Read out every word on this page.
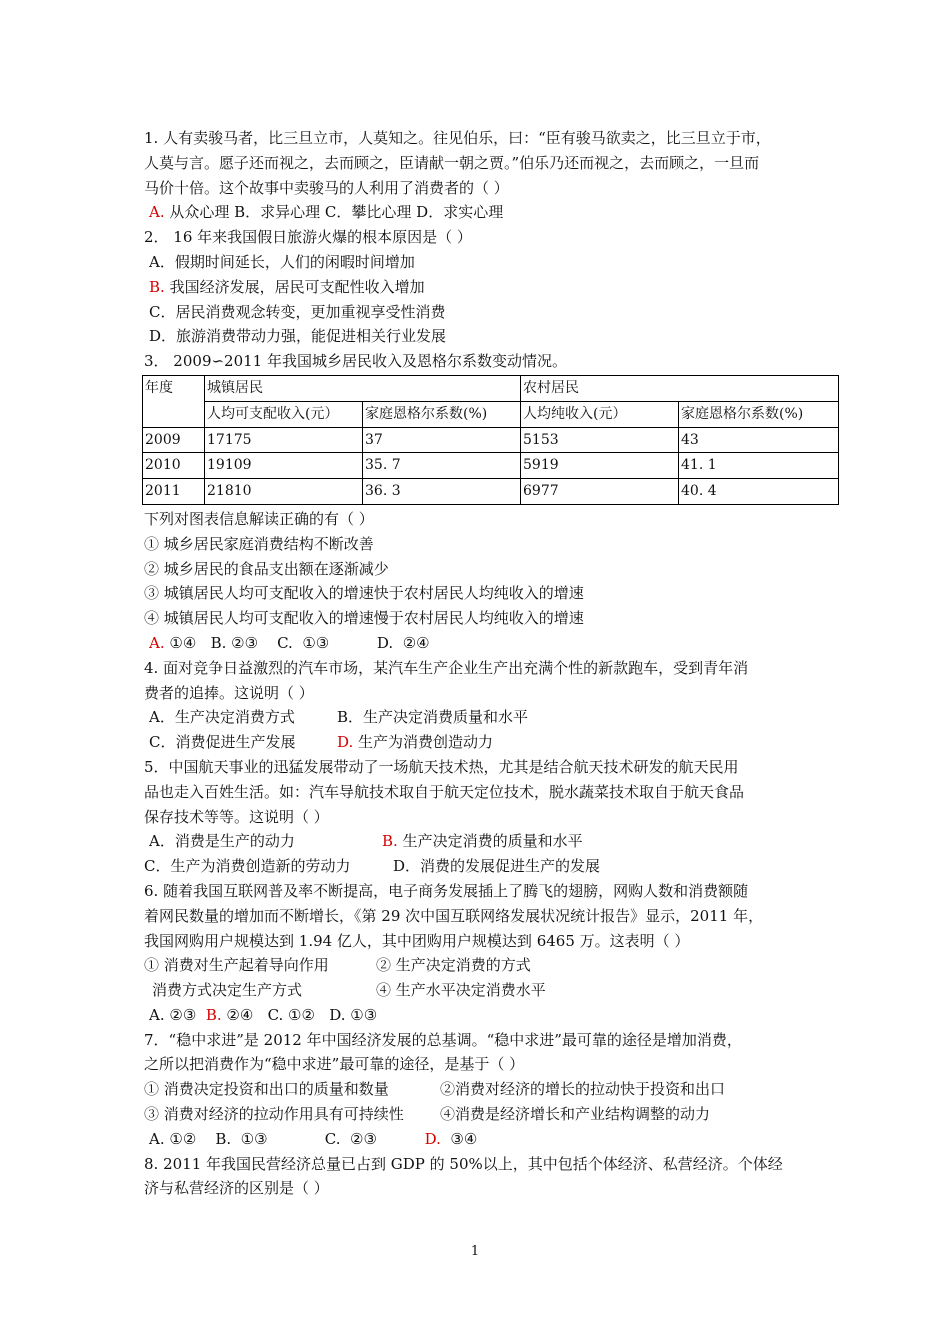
1. 人有卖骏马者，比三旦立市，人莫知之。往见伯乐，曰：“臣有骏马欲卖之，比三旦立于市，
人莫与言。愿子还而视之，去而顾之，臣请献一朝之贾。”伯乐乃还而视之，去而顾之，一旦而
马价十倍。这个故事中卖骏马的人利用了消费者的（ ）
A. 从众心理 B．求异心理 C．攀比心理 D．求实心理
2． 16 年来我国假日旅游火爆的根本原因是（ ）
A．假期时间延长，人们的闲暇时间增加
B. 我国经济发展，居民可支配性收入增加
C．居民消费观念转变，更加重视享受性消费
D．旅游消费带动力强，能促进相关行业发展
3． 2009∽2011 年我国城乡居民收入及恩格尔系数变动情况。
年度	城镇居民		农村居民	
	人均可支配收入(元）	家庭恩格尔系数(%)	人均纯收入(元）	家庭恩格尔系数(%)
2009	17175	37	5153	43
2010	19109	35. 7	5919	41. 1
2011	21810	36. 3	6977	40. 4
下列对图表信息解读正确的有（ ）
① 城乡居民家庭消费结构不断改善
② 城乡居民的食品支出额在逐渐减少
③ 城镇居民人均可支配收入的增速快于农村居民人均纯收入的增速
④ 城镇居民人均可支配收入的增速慢于农村居民人均纯收入的增速
A. ①④   B. ②③    C.  ①③          D.  ②④
4. 面对竞争日益激烈的汽车市场，某汽车生产企业生产出充满个性的新款跑车，受到青年消
费者的追捧。这说明（ ）
A．生产决定消费方式	B．生产决定消费质量和水平
C．消费促进生产发展	D. 生产为消费创造动力
5．中国航天事业的迅猛发展带动了一场航天技术热，尤其是结合航天技术研发的航天民用
品也走入百姓生活。如：汽车导航技术取自于航天定位技术，脱水蔬菜技术取自于航天食品
保存技术等等。这说明（ ）
A．消费是生产的动力	B. 生产决定消费的质量和水平
C．生产为消费创造新的劳动力	D．消费的发展促进生产的发展
6. 随着我国互联网普及率不断提高，电子商务发展插上了腾飞的翅膀，网购人数和消费额随
着网民数量的增加而不断增长，《第 29 次中国互联网络发展状况统计报告》显示，2011 年，
我国网购用户规模达到 1.94 亿人，其中团购用户规模达到 6465 万。这表明（ ）
① 消费对生产起着导向作用	② 生产决定消费的方式
消费方式决定生产方式	④ 生产水平决定消费水平
A. ②③  B. ②④   C. ①②   D. ①③
7．“稳中求进”是 2012 年中国经济发展的总基调。“稳中求进”最可靠的途径是增加消费，
之所以把消费作为“稳中求进”最可靠的途径，是基于（ ）
① 消费决定投资和出口的质量和数量	②消费对经济的增长的拉动快于投资和出口
③ 消费对经济的拉动作用具有可持续性 ④消费是经济增长和产业结构调整的动力
A. ①②    B.  ①③            C.  ②③          D.  ③④
8. 2011 年我国民营经济总量已占到 GDP 的 50%以上，其中包括个体经济、私营经济。个体经
济与私营经济的区别是（ ）
1
